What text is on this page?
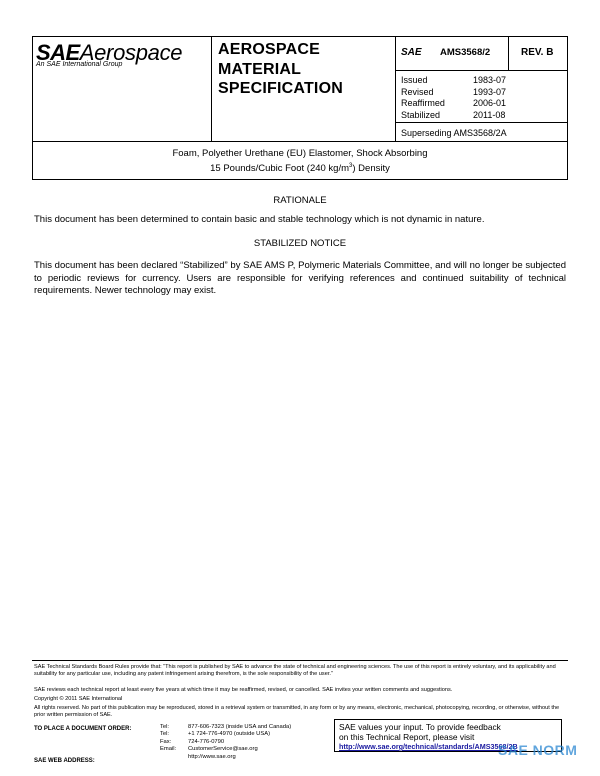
SAEAerospace
An SAE International Group
AEROSPACE
MATERIAL
SPECIFICATION
SAE AMS3568/2	REV. B
Issued	1983-07
Revised	1993-07
Reaffirmed	2006-01
Stabilized	2011-08
Superseding AMS3568/2A
Foam, Polyether Urethane (EU) Elastomer, Shock Absorbing
15 Pounds/Cubic Foot (240 $kg/m^3$) Density
RATIONALE
This document has been determined to contain basic and stable technology which is not dynamic in nature.
STABILIZED NOTICE
This document has been declared “Stabilized” by SAE AMS P, Polymeric Materials Committee, and will no longer be subjected to periodic reviews for currency. Users are responsible for verifying references and continued suitability of technical requirements. Newer technology may exist.
SAE Technical Standards Board Rules provide that: “This report is published by SAE to advance the state of technical and engineering sciences. The use of this report is entirely voluntary, and its applicability and suitability for any particular use, including any patent infringement arising therefrom, is the sole responsibility of the user.”
SAE reviews each technical report at least every five years at which time it may be reaffirmed, revised, or cancelled. SAE invites your written comments and suggestions.
Copyright © 2011 SAE International
All rights reserved. No part of this publication may be reproduced, stored in a retrieval system or transmitted, in any form or by any means, electronic, mechanical, photocopying, recording, or otherwise, without the prior written permission of SAE.
TO PLACE A DOCUMENT ORDER:
SAE WEB ADDRESS:
Tel:	877-606-7323 (inside USA and Canada)
Tel:	+1 724-776-4970 (outside USA)
Fax:	724-776-0790
Email:	CustomerService@sae.org
http://www.sae.org
SAE values your input. To provide feedback
on this Technical Report, please visit
http://www.sae.org/technical/standards/AMS3568/2B
SAE NORM
